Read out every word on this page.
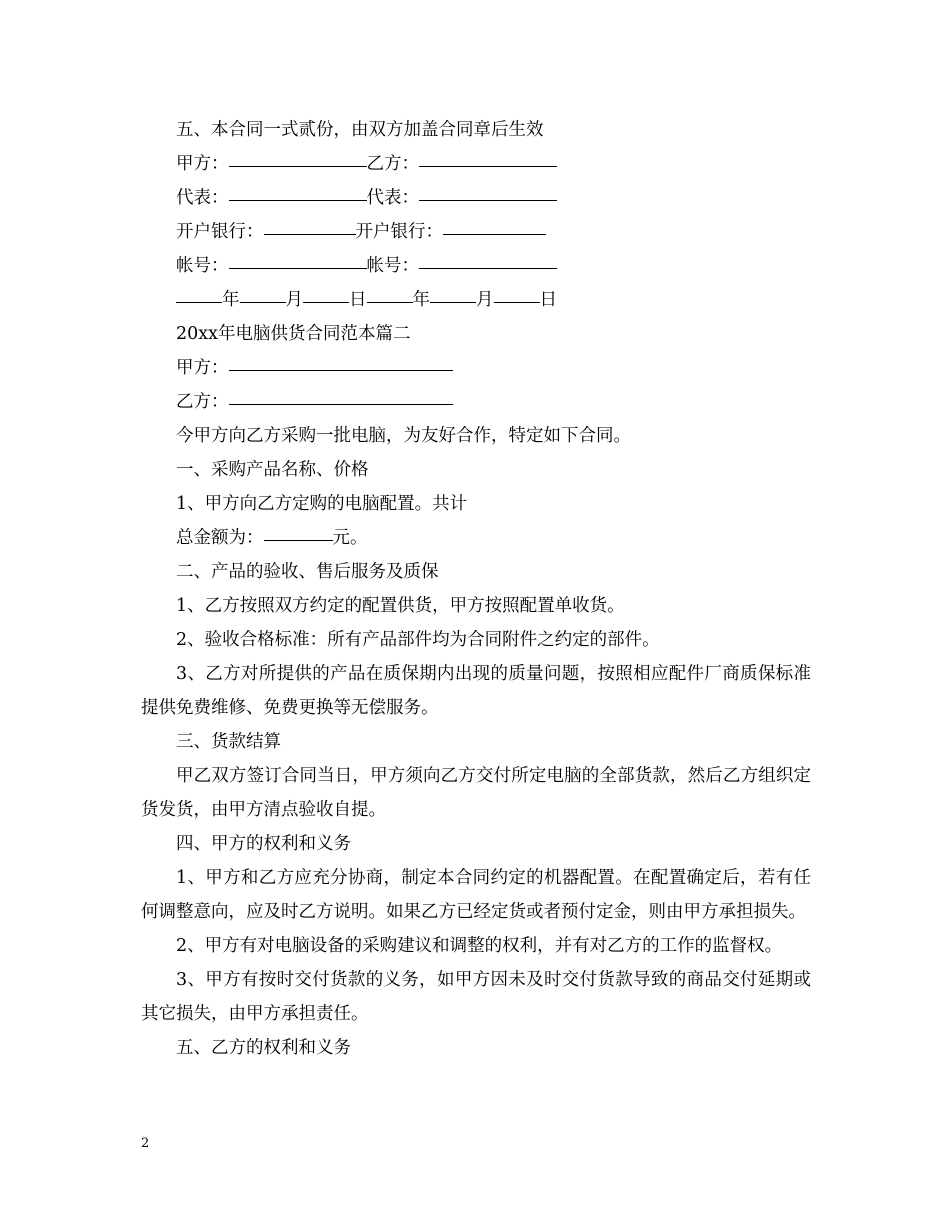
五、本合同一式贰份，由双方加盖合同章后生效
甲方：	乙方：
代表：	代表：
开户银行：	开户银行：
帐号：	帐号：
年	月	日	年	月	日
20xx年电脑供货合同范本篇二
甲方：
乙方：
今甲方向乙方采购一批电脑，为友好合作，特定如下合同。
一、采购产品名称、价格
1、甲方向乙方定购的电脑配置。共计
总金额为：	元。
二、产品的验收、售后服务及质保
1、乙方按照双方约定的配置供货，甲方按照配置单收货。
2、验收合格标准：所有产品部件均为合同附件之约定的部件。

3、乙方对所提供的产品在质保期内出现的质量问题，按照相应配件厂商质保标准提供免费维修、免费更换等无偿服务。

三、货款结算

甲乙双方签订合同当日，甲方须向乙方交付所定电脑的全部货款，然后乙方组织定货发货，由甲方清点验收自提。

四、甲方的权利和义务

1、甲方和乙方应充分协商，制定本合同约定的机器配置。在配置确定后，若有任何调整意向，应及时乙方说明。如果乙方已经定货或者预付定金，则由甲方承担损失。

2、甲方有对电脑设备的采购建议和调整的权利，并有对乙方的工作的监督权。

3、甲方有按时交付货款的义务，如甲方因未及时交付货款导致的商品交付延期或其它损失，由甲方承担责任。

五、乙方的权利和义务
2
